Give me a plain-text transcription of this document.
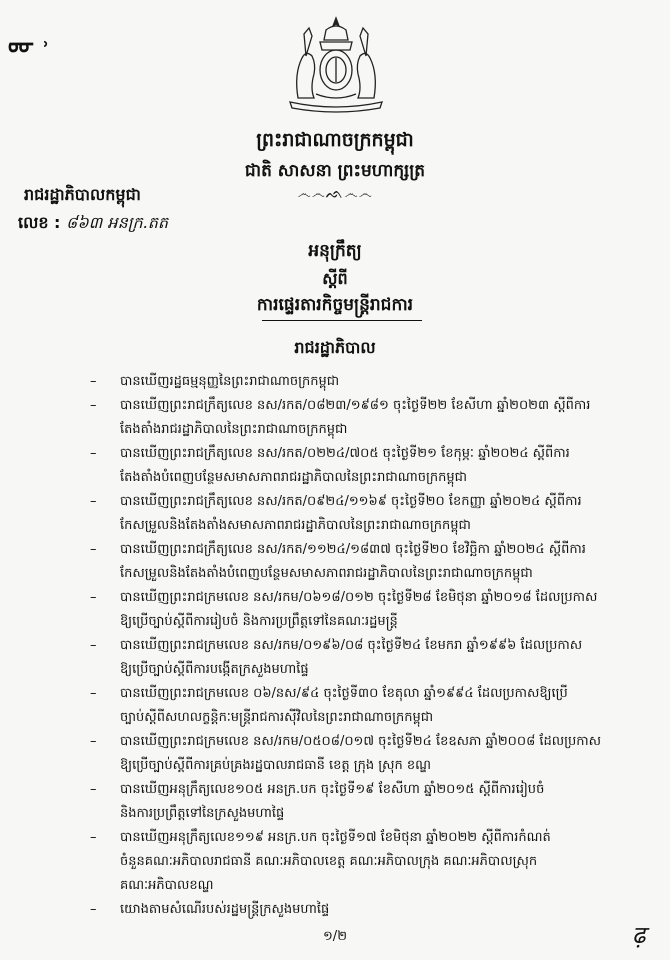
ᡂ ˒
ព្រះរាជាណាចក្រកម្ពុជា
ជាតិ សាសនា ព្រះមហាក្សត្រ
෴෴ᨒ෴෴
រាជរដ្ឋាភិបាលកម្ពុជា
លេខ : ៨៦៣ អនក្រ.តត
អនុក្រឹត្យ
ស្តីពី
ការផ្ទេរតារកិច្ចមន្ត្រីរាជការ
រាជរដ្ឋាភិបាល
– បានឃើញរដ្ឋធម្មនុញ្ញនៃព្រះរាជាណាចក្រកម្ពុជា
– បានឃើញព្រះរាជក្រឹត្យលេខ នស/រកត/០៨២៣/១៩៨១ ចុះថ្ងៃទី២២ ខែសីហា ឆ្នាំ២០២៣ ស្តីពីការ
តែងតាំងរាជរដ្ឋាភិបាលនៃព្រះរាជាណាចក្រកម្ពុជា
– បានឃើញព្រះរាជក្រឹត្យលេខ នស/រកត/០២២៤/៧០៥ ចុះថ្ងៃទី២១ ខែកុម្ភៈ ឆ្នាំ២០២៤ ស្តីពីការ
តែងតាំងបំពេញបន្ថែមសមាសភាពរាជរដ្ឋាភិបាលនៃព្រះរាជាណាចក្រកម្ពុជា
– បានឃើញព្រះរាជក្រឹត្យលេខ នស/រកត/០៩២៤/១១៦៩ ចុះថ្ងៃទី២០ ខែកញ្ញា ឆ្នាំ២០២៤ ស្តីពីការ
កែសម្រួលនិងតែងតាំងសមាសភាពរាជរដ្ឋាភិបាលនៃព្រះរាជាណាចក្រកម្ពុជា
– បានឃើញព្រះរាជក្រឹត្យលេខ នស/រកត/១១២៤/១៨៣៧ ចុះថ្ងៃទី២០ ខែវិច្ឆិកា ឆ្នាំ២០២៤ ស្តីពីការ
កែសម្រួលនិងតែងតាំងបំពេញបន្ថែមសមាសភាពរាជរដ្ឋាភិបាលនៃព្រះរាជាណាចក្រកម្ពុជា
– បានឃើញព្រះរាជក្រមលេខ នស/រកម/០៦១៨/០១២ ចុះថ្ងៃទី២៨ ខែមិថុនា ឆ្នាំ២០១៨ ដែលប្រកាស
ឱ្យប្រើច្បាប់ស្តីពីការរៀបចំ និងការប្រព្រឹត្តទៅនៃគណៈរដ្ឋមន្ត្រី
– បានឃើញព្រះរាជក្រមលេខ នស/រកម/០១៩៦/០៨ ចុះថ្ងៃទី២៤ ខែមករា ឆ្នាំ១៩៩៦ ដែលប្រកាស
ឱ្យប្រើច្បាប់ស្តីពីការបង្កើតក្រសួងមហាផ្ទៃ
– បានឃើញព្រះរាជក្រមលេខ ០៦/នស/៩៤ ចុះថ្ងៃទី៣០ ខែតុលា ឆ្នាំ១៩៩៤ ដែលប្រកាសឱ្យប្រើ
ច្បាប់ស្តីពីសហលក្ខន្តិកៈមន្ត្រីរាជការស៊ីវិលនៃព្រះរាជាណាចក្រកម្ពុជា
– បានឃើញព្រះរាជក្រមលេខ នស/រកម/០៥០៨/០១៧ ចុះថ្ងៃទី២៤ ខែឧសភា ឆ្នាំ២០០៨ ដែលប្រកាស
ឱ្យប្រើច្បាប់ស្តីពីការគ្រប់គ្រងរដ្ឋបាលរាជធានី ខេត្ត ក្រុង ស្រុក ខណ្ឌ
– បានឃើញអនុក្រឹត្យលេខ១០៥ អនក្រ.បក ចុះថ្ងៃទី១៩ ខែសីហា ឆ្នាំ២០១៥ ស្តីពីការរៀបចំ
និងការប្រព្រឹត្តទៅនៃក្រសួងមហាផ្ទៃ
– បានឃើញអនុក្រឹត្យលេខ១១៩ អនក្រ.បក ចុះថ្ងៃទី១៧ ខែមិថុនា ឆ្នាំ២០២២ ស្តីពីការកំណត់
ចំនួនគណៈអភិបាលរាជធានី គណៈអភិបាលខេត្ត គណៈអភិបាលក្រុង គណៈអភិបាលស្រុក
គណៈអភិបាលខណ្ឌ
– យោងតាមសំណើរបស់រដ្ឋមន្ត្រីក្រសួងមហាផ្ទៃ
១/២	ढ़
